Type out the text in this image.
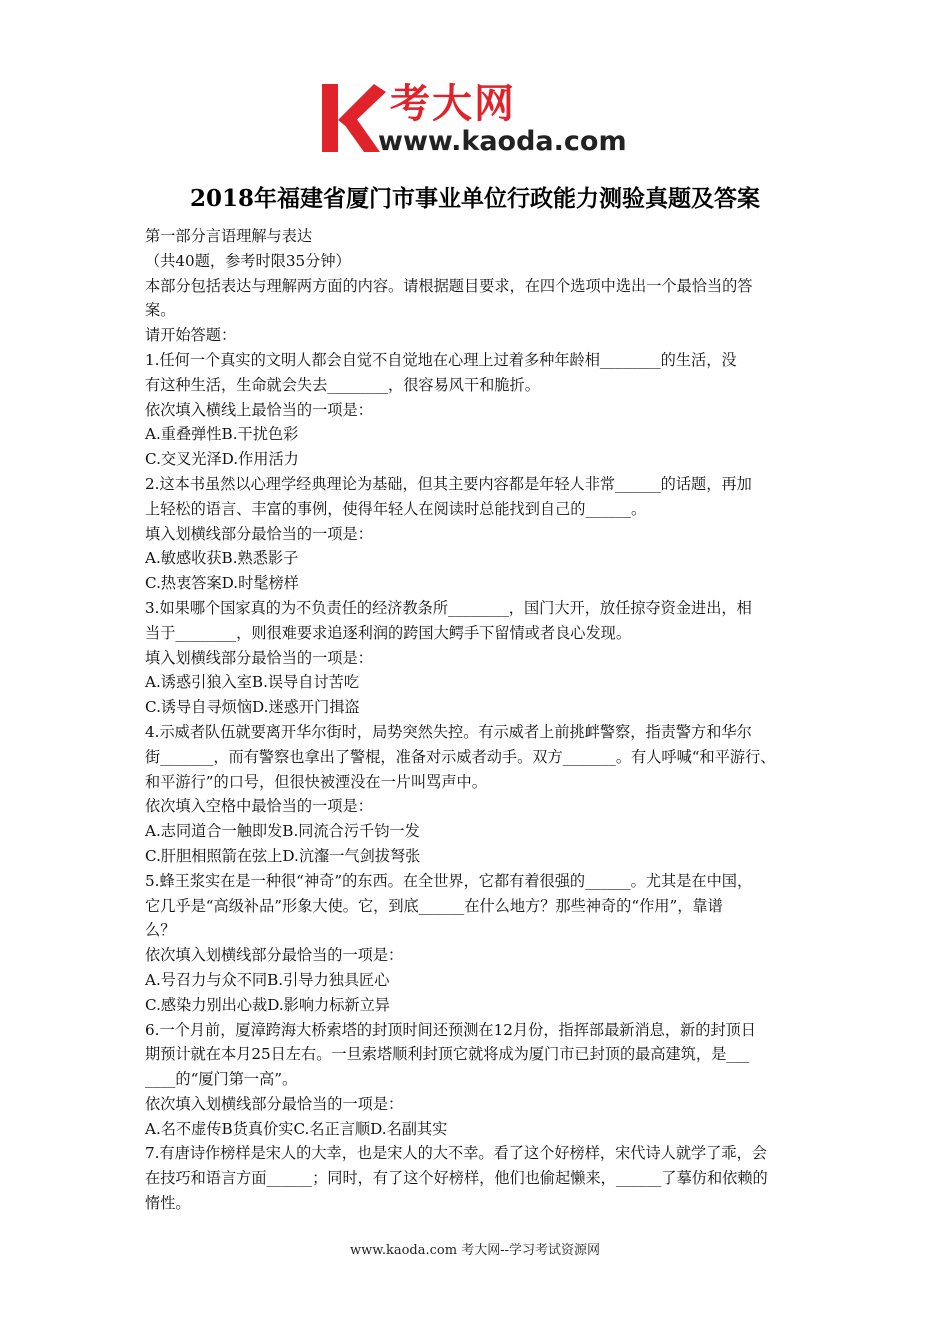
考大网
www.kaoda.com
2018年福建省厦门市事业单位行政能力测验真题及答案

第一部分言语理解与表达

（共40题，参考时限35分钟）

本部分包括表达与理解两方面的内容。请根据题目要求，在四个选项中选出一个最恰当的答

案。

请开始答题：

1.任何一个真实的文明人都会自觉不自觉地在心理上过着多种年龄相________的生活，没

有这种生活，生命就会失去________，很容易风干和脆折。

依次填入横线上最恰当的一项是：

A.重叠弹性B.干扰色彩

C.交叉光泽D.作用活力

2.这本书虽然以心理学经典理论为基础，但其主要内容都是年轻人非常______的话题，再加

上轻松的语言、丰富的事例，使得年轻人在阅读时总能找到自己的______。

填入划横线部分最恰当的一项是：

A.敏感收获B.熟悉影子

C.热衷答案D.时髦榜样

3.如果哪个国家真的为不负责任的经济教条所________，国门大开，放任掠夺资金进出，相

当于________，则很难要求追逐利润的跨国大鳄手下留情或者良心发现。

填入划横线部分最恰当的一项是：

A.诱惑引狼入室B.误导自讨苦吃

C.诱导自寻烦恼D.迷惑开门揖盗

4.示威者队伍就要离开华尔街时，局势突然失控。有示威者上前挑衅警察，指责警方和华尔

街_______，而有警察也拿出了警棍，准备对示威者动手。双方_______。有人呼喊“和平游行、

和平游行”的口号，但很快被湮没在一片叫骂声中。

依次填入空格中最恰当的一项是：

A.志同道合一触即发B.同流合污千钧一发

C.肝胆相照箭在弦上D.沆瀣一气剑拔弩张

5.蜂王浆实在是一种很“神奇”的东西。在全世界，它都有着很强的______。尤其是在中国，

它几乎是“高级补品”形象大使。它，到底______在什么地方？那些神奇的“作用”，靠谱

么？

依次填入划横线部分最恰当的一项是：

A.号召力与众不同B.引导力独具匠心

C.感染力别出心裁D.影响力标新立异

6.一个月前，厦漳跨海大桥索塔的封顶时间还预测在12月份，指挥部最新消息，新的封顶日

期预计就在本月25日左右。一旦索塔顺利封顶它就将成为厦门市已封顶的最高建筑，是___

____的“厦门第一高”。

依次填入划横线部分最恰当的一项是：

A.名不虚传B货真价实C.名正言顺D.名副其实

7.有唐诗作榜样是宋人的大幸，也是宋人的大不幸。看了这个好榜样，宋代诗人就学了乖，会

在技巧和语言方面______；同时，有了这个好榜样，他们也偷起懒来，______了摹仿和依赖的

惰性。

www.kaoda.com 考大网--学习考试资源网
